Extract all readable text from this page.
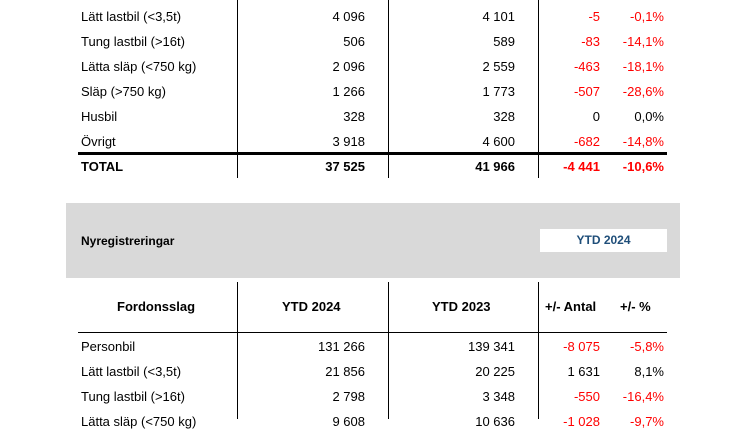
Lätt lastbil (<3,5t)	4 096	4 101	-5 -0,1%
Tung lastbil (>16t)	506	589	-83 -14,1%
Lätta släp (<750 kg)	2 096	2 559	-463 -18,1%
Släp (>750 kg)	1 266	1 773	-507 -28,6%
Husbil	328	328	0	0,0%
Övrigt	3 918	4 600	-682 -14,8%
TOTAL	37 525	41 966	-4 441 -10,6%
Nyregistreringar	YTD 2024
Fordonsslag	YTD 2024	YTD 2023	+/- Antal +/- %
Personbil	131 266	139 341	-8 075 -5,8%
Lätt lastbil (<3,5t)	21 856	20 225	1 631	8,1%
Tung lastbil (>16t)	2 798	3 348	-550 -16,4%
Lätta släp (<750 kg)	9 608	10 636	-1 028 -9,7%
